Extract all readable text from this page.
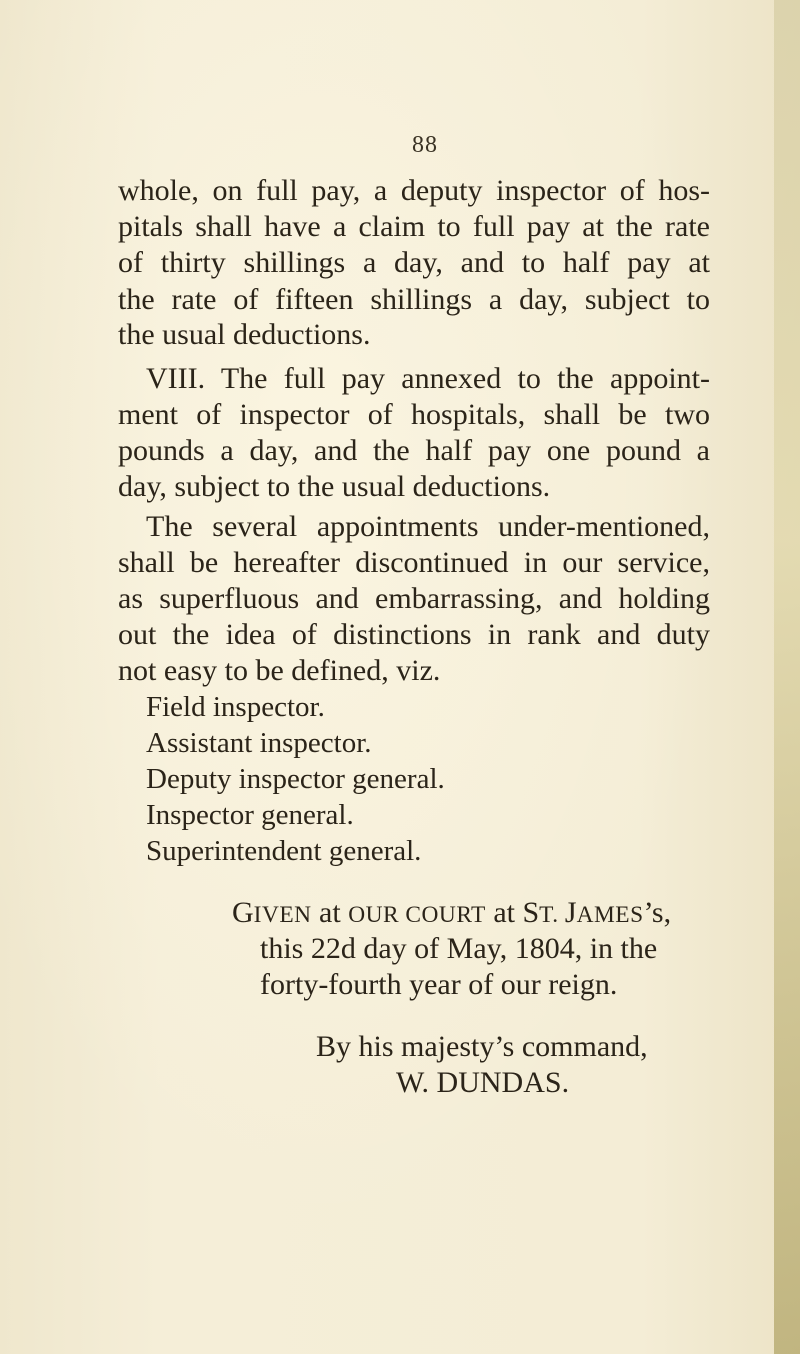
88
whole, on full pay, a deputy inspector of hos-
pitals shall have a claim to full pay at the rate
of thirty shillings a day, and to half pay at
the rate of fifteen shillings a day, subject to
the usual deductions.
VIII. The full pay annexed to the appoint-
ment of inspector of hospitals, shall be two
pounds a day, and the half pay one pound a
day, subject to the usual deductions.
The several appointments under-mentioned,
shall be hereafter discontinued in our service,
as superfluous and embarrassing, and holding
out the idea of distinctions in rank and duty
not easy to be defined, viz.
Field inspector.
Assistant inspector.
Deputy inspector general.
Inspector general.
Superintendent general.
GIVEN at OUR COURT at ST. JAMES’s,
this 22d day of May, 1804, in the
forty-fourth year of our reign.
By his majesty’s command,
W. DUNDAS.
